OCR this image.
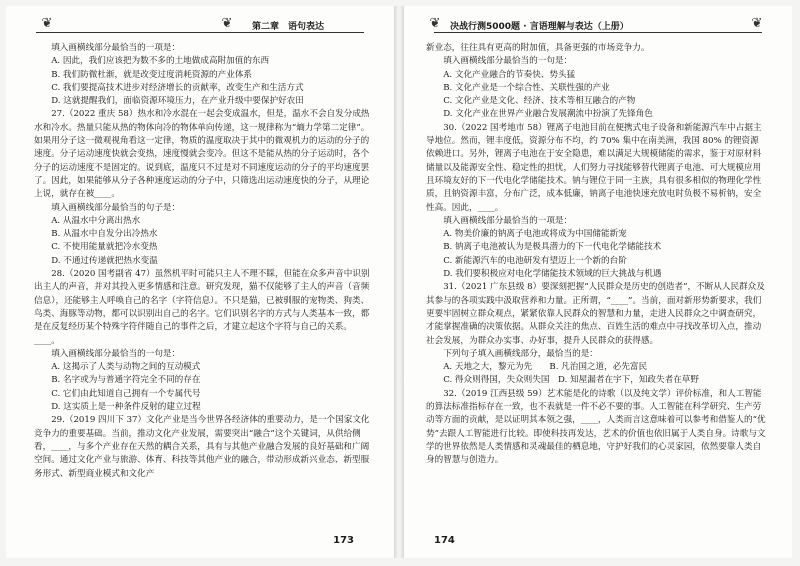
❦	❦	第二章　语句表达

填入画横线部分最恰当的一项是：

A. 因此，我们应该把为数不多的土地做成高附加值的东西

B. 我们防微杜渐，就是改变过度消耗资源的产业体系

C. 我们要提高技术进步对经济增长的贡献率，改变生产和生活方式

D. 这就提醒我们，面临资源环境压力，在产业升级中要保护好农田

27.（2022 重庆 58）热水和冷水混在一起会变成温水，但是，温水不会自发分成热水和冷水。热量只能从热的物体向冷的物体单向传递，这一规律称为“熵力学第二定律”。如果用分子这一微观视角看这一定律，物质的温度取决于其中的微观机力的运动的分子的速度。分子运动速度快就会变热，速度慢就会变冷。但这不是能从热的分子运动时，各个分子的运动速度不是固定的。说到底，温度只不过是对不同速度运动的分子的平均速度罢了。因此，如果能够从分子各种速度运动的分子中，只筛选出运动速度快的分子，从理论上说，就存在被____。

填入画横线部分最恰当的句子是：

A. 从温水中分离出热水

B. 从温水中自发分出冷热水

C. 不使用能量就把冷水变热

D. 不通过传递就把热水变温

28.（2020 国考副省 47）虽然机平时可能只主人不理不睬，但能在众多声音中识别出主人的声音，并对其投入更多情感和注意。研究发现，猫不仅能够了主人的声音（音频信息），还能够主人呼唤自己的名字（字符信息）。不只是猫，已被驯服的宠物类、狗类、鸟类、海豚等动物，都可以识别出自己的名字。它们识别名字的方式与人类基本一致，都是在反复经历某个特殊字符伴随自己的事件之后，才建立起这个字符与自己的关系。____。

填入画横线部分最恰当的一句是：

A. 这揭示了人类与动物之间的互动模式

B. 名字或为与普通字符完全不同的存在

C. 它们由此知道自己拥有一个专属代号

D. 这实质上是一种条件反射的建立过程

29.（2019 四川下 37）文化产业是当今世界各经济体的重要动力，是一个国家文化竞争力的重要基础。当前，推动文化产业发展，需要突出“融合”这个关键词，从供给侧看，____，与多个产业存在天然的耦合关系，具有与其他产业融合发展的良好基础和广阔空间。通过文化产业与旅游、体育、科技等其他产业的融合，带动形成新兴业态、新型服务形式、新型商业模式和文化产

173
❦	❦
决战行测5000题 · 言语理解与表达（上册）

新业态，往往具有更高的附加值，具备更强的市场竞争力。

填入画横线部分最恰当的一句是：

A. 文化产业融合的节奏快、势头猛

B. 文化产业是一个综合性、关联性强的产业

C. 文化产业是文化、经济、技术等相互融合的产物

D. 文化产业在世界产业融合发展潮流中扮演了先锋角色

30.（2022 国考地市 58）锂离子电池目前在便携式电子设备和新能源汽车中占据主导地位。然而，锂丰度低，资源分布不均，约 70% 集中在南美洲，我国 80% 的锂资源依赖进口。另外，锂离子电池在于安全隐患，难以满足大规模储能的需求，鉴于对原材料储量以及能源安全性、稳定性的担忧，人们努力寻找能够替代锂离子电池、可大规模应用且环境友好的下一代电化学储能技术。钠与锂位于同一主族，具有很多相似的物理化学性质，且钠资源丰富，分布广泛，成本低廉，钠离子电池快速充放电时负极不易析钠，安全性高。因此，____。

填入画横线部分最恰当的一项是：

A. 物美价廉的钠离子电池或将成为中国储能新宠

B. 钠离子电池被认为是极具潜力的下一代电化学储能技术

C. 新能源汽车的电池研发有望迈上一个新的台阶

D. 我们要积极应对电化学储能技术领域的巨大挑战与机遇

31.（2021 广东县级 8）要深刻把握“人民群众是历史的创造者”，不断从人民群众及其参与的各项实践中汲取营养和力量。正所谓，“____”。当前，面对新形势新要求，我们更要牢固树立群众观点，紧紧依靠人民群众的智慧和力量，走进人民群众之中调查研究，才能掌握准确的决策依据。从群众关注的焦点、百姓生活的难点中寻找改革切入点，推动社会发展，为群众办实事、办好事，提升人民群众的获得感。

下列句子填入画横线部分，最恰当的是：

A. 天地之大，黎元为先　　B. 凡治国之道，必先富民

C. 得众则得国，失众则失国　D. 知屋漏者在宇下，知政失者在草野

32.（2019 江西县级 59）艺术能是化的诗歌（以及纯文学）评价标准，和人工智能的算法标准指标存在一致，也不表就是一件不必不要的事。人工智能在科学研究、生产劳动等方面的贡献，是以证明其本领之强，____，人类而言这意味着可以参考和借鉴人的“优势”去跟人工智能进行比较。即使科技再发达，艺术的价值也依旧属于人类自身。诗歌与文学的世界依然是人类情感和灵魂最佳的栖息地，守护好我们的心灵家园，依然要靠人类自身的智慧与创造力。

174
